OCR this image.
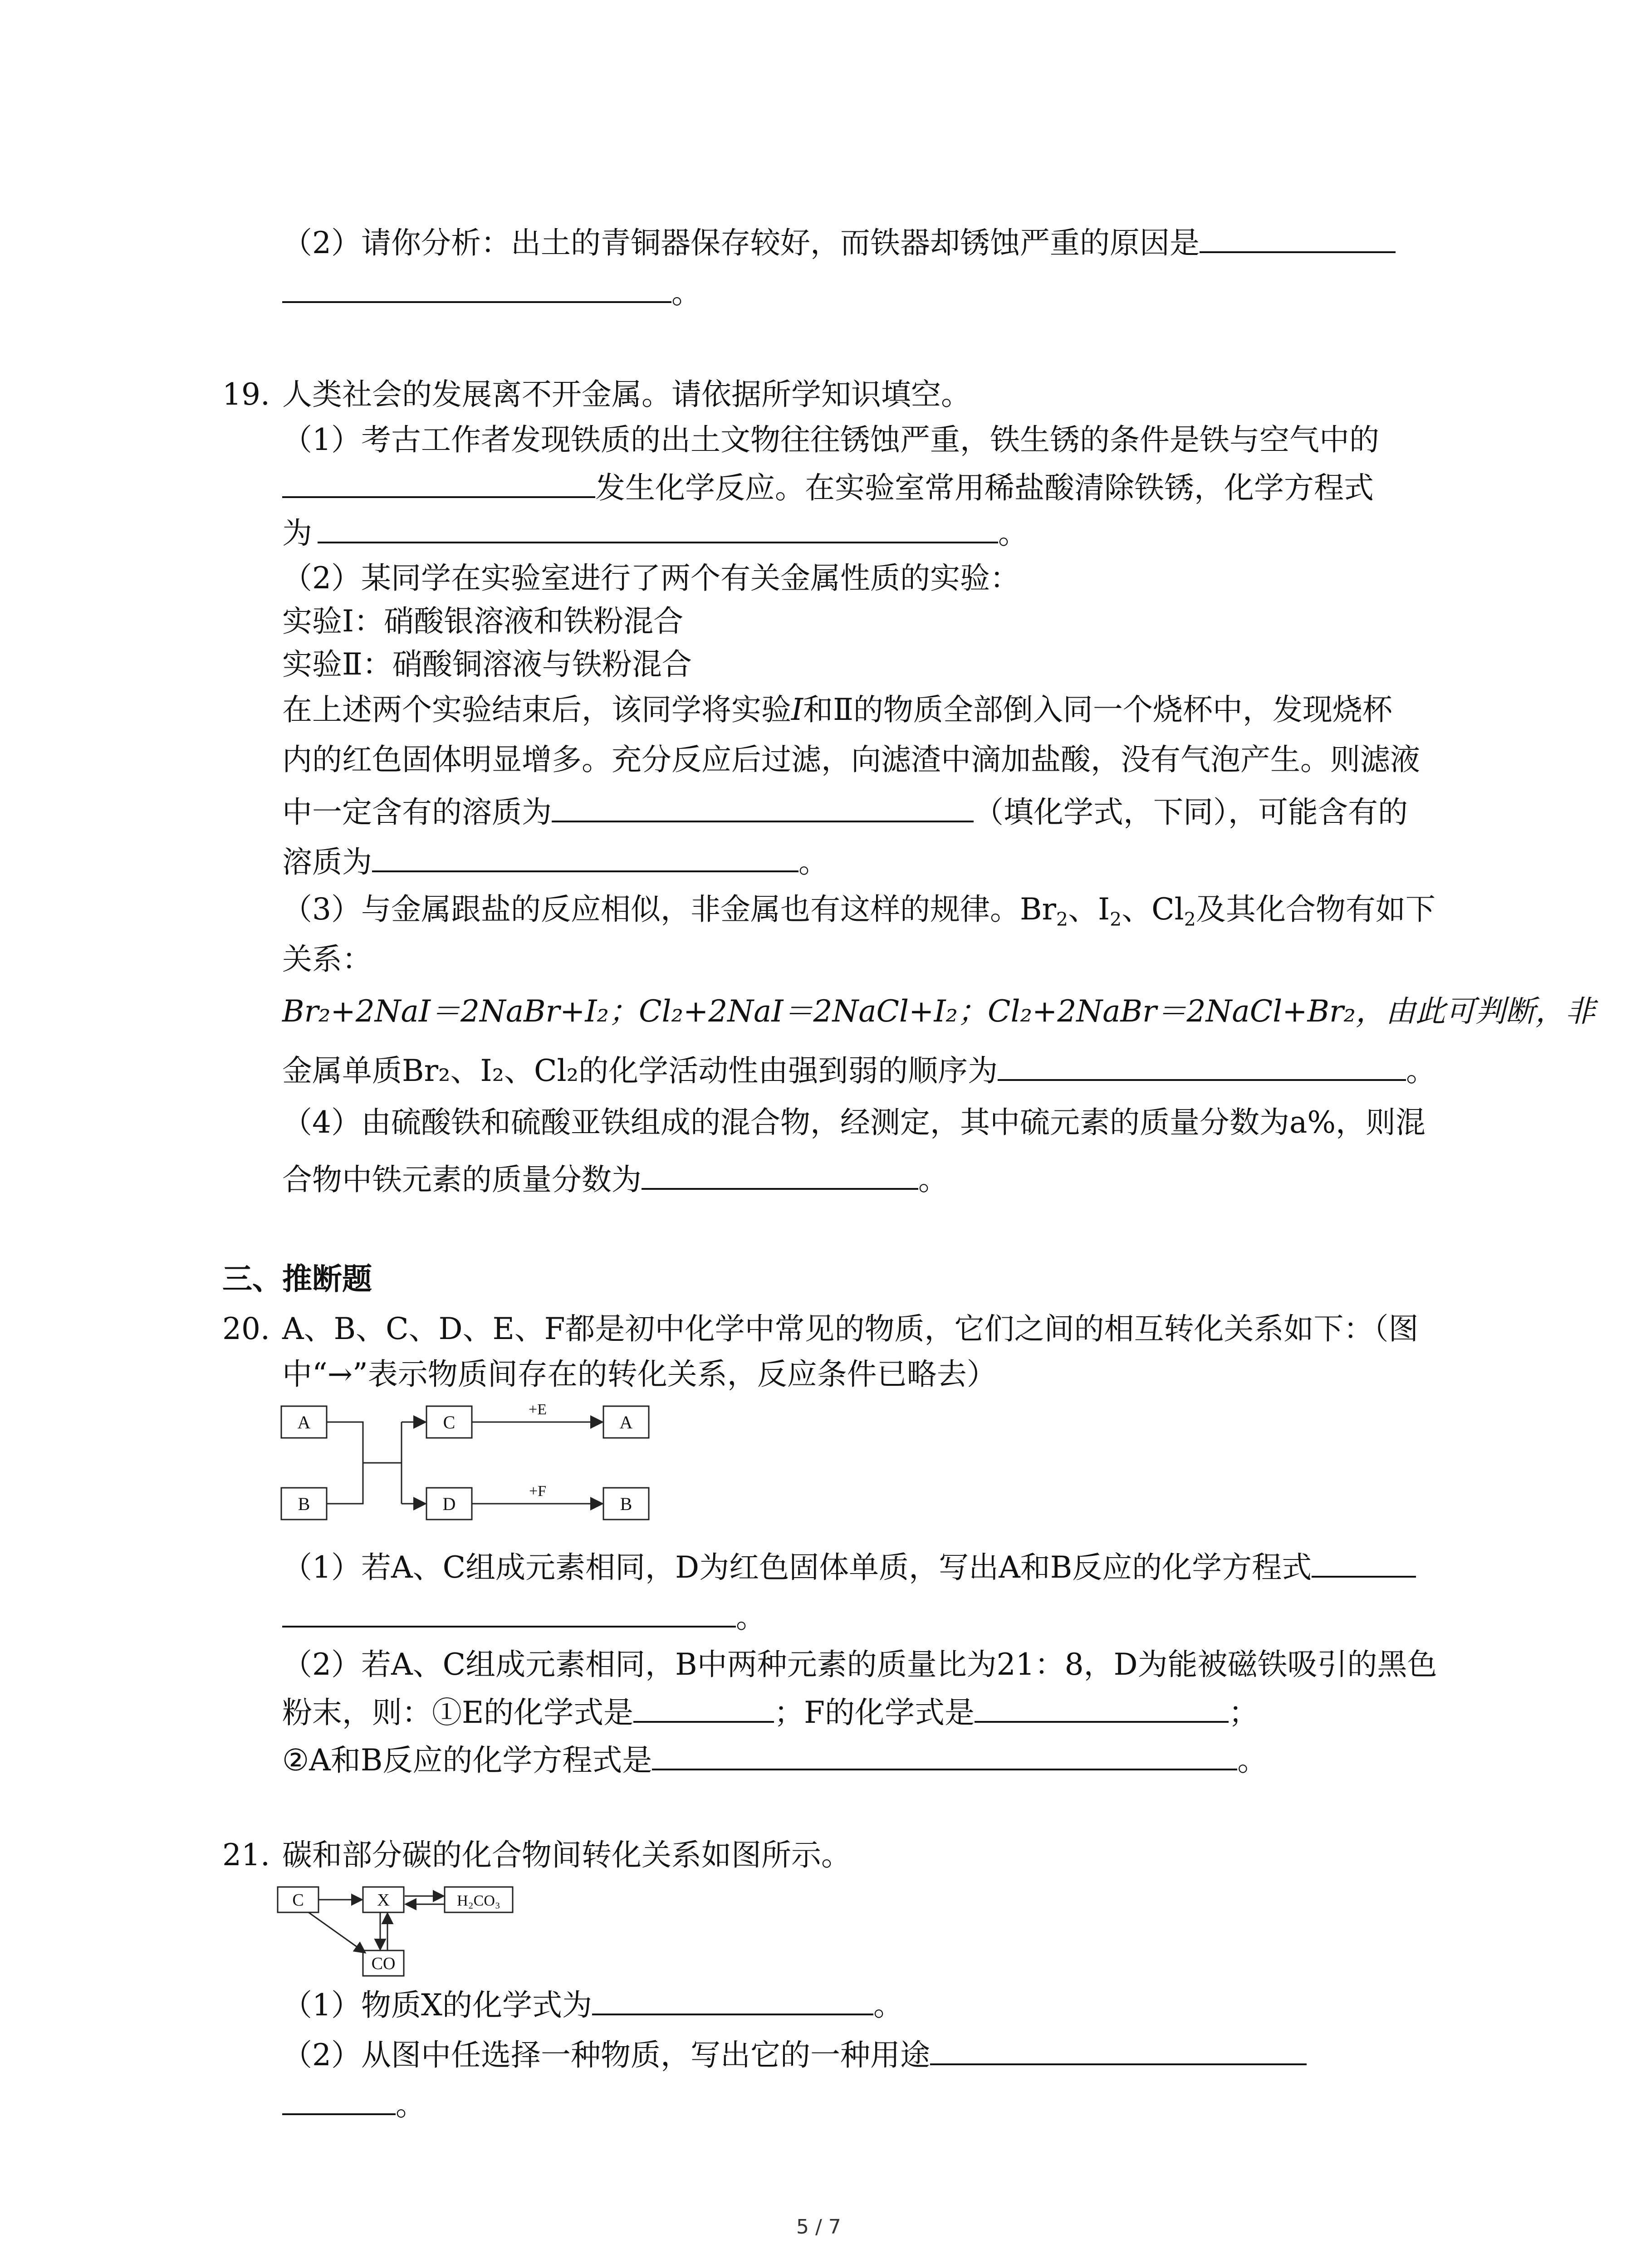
（2）请你分析：出土的青铜器保存较好，而铁器却锈蚀严重的原因是
。
19. 人类社会的发展离不开金属。请依据所学知识填空。
（1）考古工作者发现铁质的出土文物往往锈蚀严重，铁生锈的条件是铁与空气中的
发生化学反应。在实验室常用稀盐酸清除铁锈，化学方程式
为	。
（2）某同学在实验室进行了两个有关金属性质的实验：
实验Ⅰ：硝酸银溶液和铁粉混合
实验Ⅱ：硝酸铜溶液与铁粉混合
在上述两个实验结束后，该同学将实验I和Ⅱ的物质全部倒入同一个烧杯中，发现烧杯
内的红色固体明显增多。充分反应后过滤，向滤渣中滴加盐酸，没有气泡产生。则滤液
中一定含有的溶质为	（填化学式，下同），可能含有的
溶质为	。
（3）与金属跟盐的反应相似，非金属也有这样的规律。$Br_2$、$I_2$、$Cl_2$及其化合物有如下
关系：
Br₂+2NaI＝2NaBr+I₂；Cl₂+2NaI＝2NaCl+I₂；Cl₂+2NaBr＝2NaCl+Br₂，由此可判断，非
金属单质Br₂、I₂、Cl₂的化学活动性由强到弱的顺序为	。
（4）由硫酸铁和硫酸亚铁组成的混合物，经测定，其中硫元素的质量分数为a%，则混
合物中铁元素的质量分数为	。
三、推断题
20. A、B、C、D、E、F都是初中化学中常见的物质，它们之间的相互转化关系如下：（图
中“→”表示物质间存在的转化关系，反应条件已略去）
A
B
C
D
A
B
+E
+F
（1）若A、C组成元素相同，D为红色固体单质，写出A和B反应的化学方程式
。
（2）若A、C组成元素相同，B中两种元素的质量比为21：8，D为能被磁铁吸引的黑色
粉末，则：①E的化学式是	；F的化学式是	；
②A和B反应的化学方程式是	。
21. 碳和部分碳的化合物间转化关系如图所示。
C	X	H₂CO₃
CO
（1）物质X的化学式为	。
（2）从图中任选择一种物质，写出它的一种用途
。
5 / 7
